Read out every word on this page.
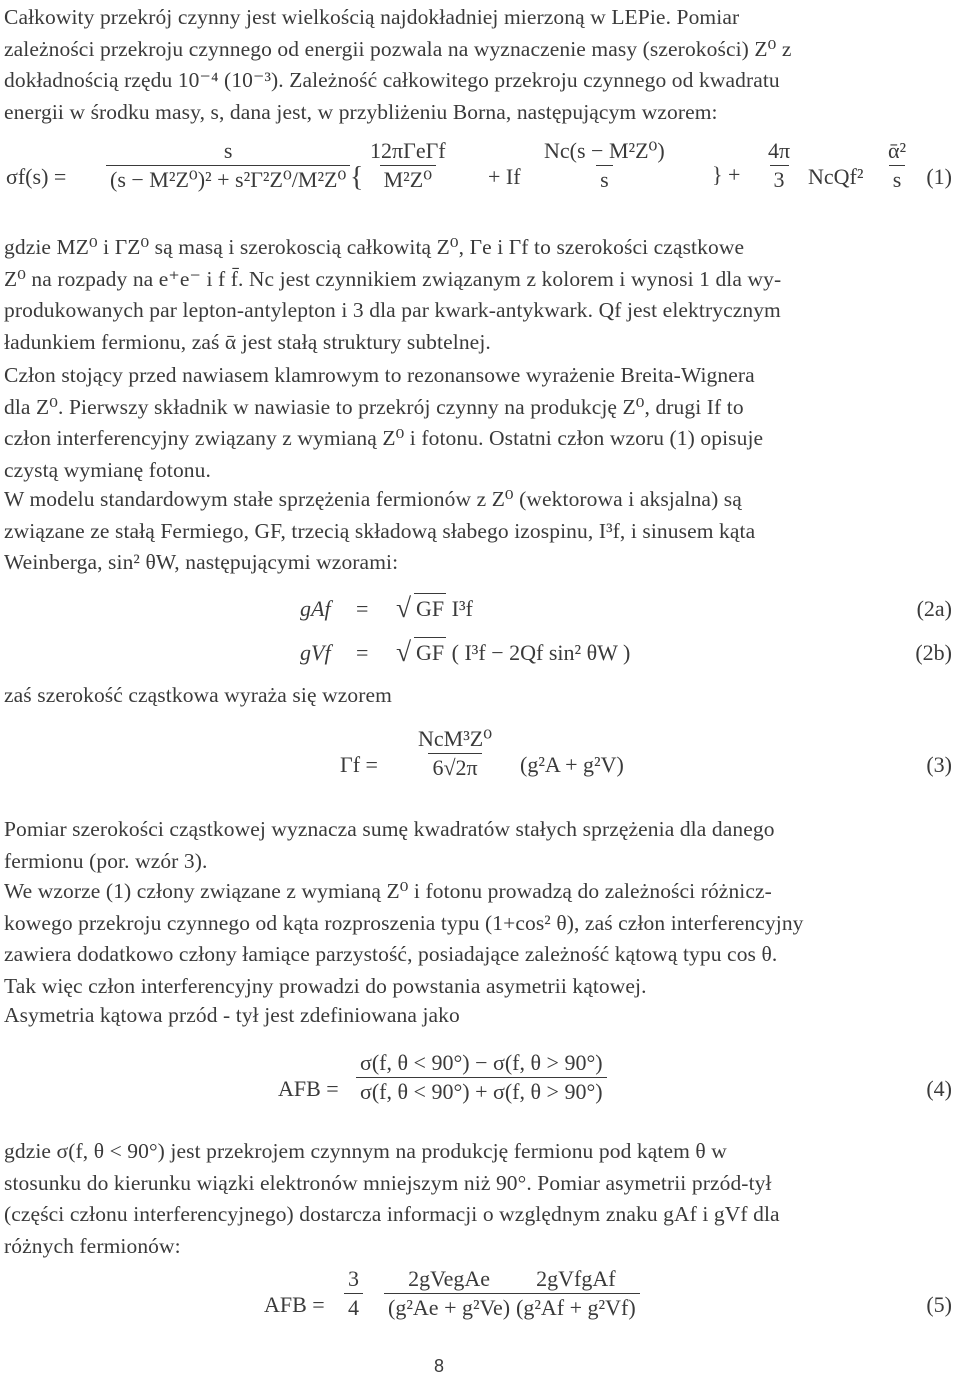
Całkowity przekrój czynny jest wielkością najdokładniej mierzoną w LEPie. Pomiar
zależności przekroju czynnego od energii pozwala na wyznaczenie masy (szerokości) Z⁰ z
dokładnością rzędu 10⁻⁴ (10⁻³). Zależność całkowitego przekroju czynnego od kwadratu
energii w środku masy, s, dana jest, w przybliżeniu Borna, następującym wzorem:
$\sigma f(s) = \frac{s}{\text{(s − M²Z⁰)² + s²Γ²Z⁰/M²Z⁰}}$ { $\frac{\text{12πΓeΓf}}{\text{M²Z⁰}} + If \frac{\text{Nc(s − M²Z⁰)}}{s}$ } + $\frac{4\pi}{3}$ NcQf² $\frac{\text{ᾱ²}}{s} (1)$
gdzie MZ⁰ i ΓZ⁰ są masą i szerokoscią całkowitą Z⁰, Γe i Γf to szerokości cząstkowe
Z⁰ na rozpady na e⁺e⁻ i f f̄. Nc jest czynnikiem związanym z kolorem i wynosi 1 dla wy-
produkowanych par lepton-antylepton i 3 dla par kwark-antykwark. Qf jest elektrycznym
ładunkiem fermionu, zaś ᾱ jest stałą struktury subtelnej.
Człon stojący przed nawiasem klamrowym to rezonansowe wyrażenie Breita-Wignera
dla Z⁰. Pierwszy składnik w nawiasie to przekrój czynny na produkcję Z⁰, drugi If to
człon interferencyjny związany z wymianą Z⁰ i fotonu. Ostatni człon wzoru (1) opisuje
czystą wymianę fotonu.
W modelu standardowym stałe sprzężenia fermionów z Z⁰ (wektorowa i aksjalna) są
związane ze stałą Fermiego, GF, trzecią składową słabego izospinu, I³f, i sinusem kąta
Weinberga, sin² θW, następującymi wzorami:
gAf =	√ GF I³f	(2a)
gVf =	√ GF ( I³f − 2Qf sin² θW )	(2b)
zaś szerokość cząstkowa wyraża się wzorem
$\Gamma f = \frac{\text{NcM³Z⁰}}{6√2\pi} (g^2A + g^2V)$	(3)
Pomiar szerokości cząstkowej wyznacza sumę kwadratów stałych sprzężenia dla danego
fermionu (por. wzór 3).
We wzorze (1) człony związane z wymianą Z⁰ i fotonu prowadzą do zależności różnicz-
kowego przekroju czynnego od kąta rozproszenia typu (1+cos² θ), zaś człon interferencyjny
zawiera dodatkowo człony łamiące parzystość, posiadające zależność kątową typu cos θ.
Tak więc człon interferencyjny prowadzi do powstania asymetrii kątowej.
Asymetria kątowa przód - tył jest zdefiniowana jako
AFB = $\frac{\sigma(f, \theta < 90^\circ) - \sigma(f, \theta > 90^\circ)}{\sigma(f, \theta < 90^\circ) + \sigma(f, \theta > 90^\circ)}$	(4)
gdzie σ(f, θ < 90°) jest przekrojem czynnym na produkcję fermionu pod kątem θ w
stosunku do kierunku wiązki elektronów mniejszym niż 90°. Pomiar asymetrii przód-tył
(części członu interferencyjnego) dostarcza informacji o względnym znaku gAf i gVf dla
różnych fermionów:
AFB = $\frac{3}{4} \frac{\text{2gVegAe}}{\text{(g²Ae + g²Ve)}}$
$\frac{\text{2gVfgAf}}{\text{(g²Af + g²Vf)}}$	(5)
8
